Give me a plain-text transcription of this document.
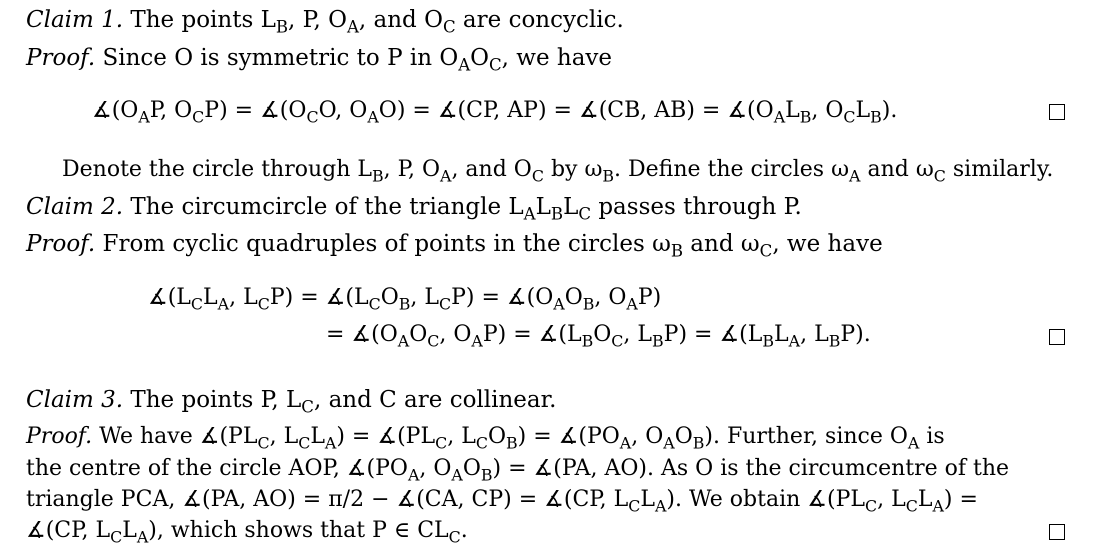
Claim 1. The points $L_B$, P, $O_A$, and $O_C$ are concyclic.
Proof. Since O is symmetric to P in $O_AO_C$, we have
$∡(O_AP$, $O_CP$) = $∡(O_CO$, $O_AO$) = ∡(CP, AP) = ∡(CB, $AB) = ∡(O_AL_B$, $O_CL_B$).
Denote the circle through $L_B$, P, $O_A$, and $O_C$ by $\omega_B$. Define the circles $\omega_A$ and $\omega_C$ similarly.
Claim 2. The circumcircle of the triangle $L_AL_BL_C$ passes through P.
Proof. From cyclic quadruples of points in the circles $\omega_B$ and $\omega_C$, we have
$∡(L_CL_A$, $L_CP$) = $∡(L_CO_B$, $L_CP$) = $∡(O_AO_B$, $O_AP$)
= $∡(O_AO_C$, $O_AP$) = $∡(L_BO_C$, $L_BP$) = $∡(L_BL_A$, $L_BP$).
Claim 3. The points P, $L_C$, and C are collinear.
Proof. We have $∡(PL_C$, $L_CL_A$) = $∡(PL_C$, $L_CO_B$) = $∡(PO_A$, $O_AO_B$). Further, since $O_A$ is
the centre of the circle AOP, $∡(PO_A$, $O_AO_B$) = ∡(PA, AO). As O is the circumcentre of the
triangle PCA, ∡(PA, AO) = π/2 − ∡(CA, CP) = ∡(CP, $L_CL_A$). We obtain $∡(PL_C$, $L_CL_A$) =
∡(CP, $L_CL_A$), which shows that P ∈ $CL_C$.
